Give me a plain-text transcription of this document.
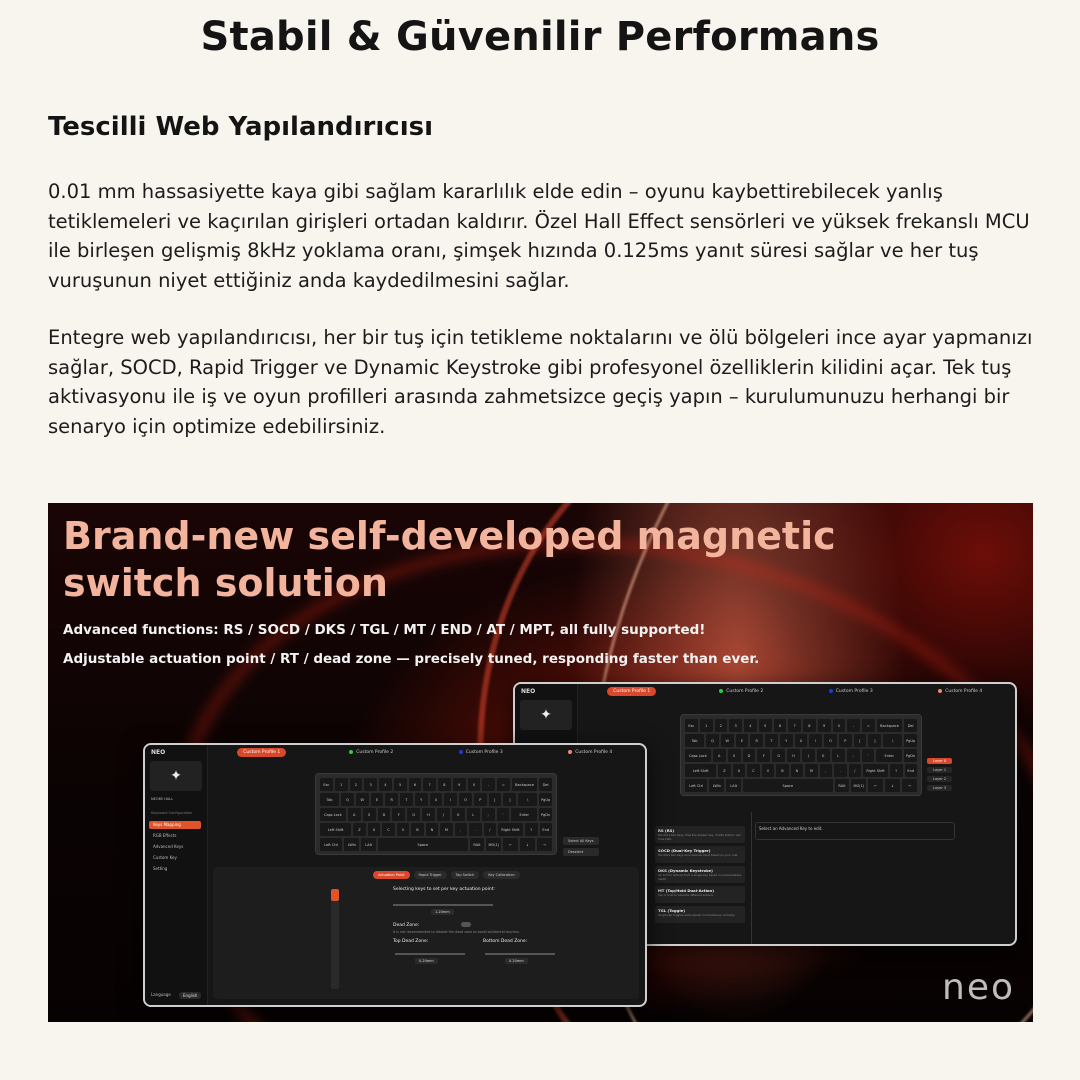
Stabil & Güvenilir Performans
Tescilli Web Yapılandırıcısı

0.01 mm hassasiyette kaya gibi sağlam kararlılık elde edin – oyunu kaybettirebilecek yanlış tetiklemeleri ve kaçırılan girişleri ortadan kaldırır. Özel Hall Effect sensörleri ve yüksek frekanslı MCU ile birleşen gelişmiş 8kHz yoklama oranı, şimşek hızında 0.125ms yanıt süresi sağlar ve her tuş vuruşunun niyet ettiğiniz anda kaydedilmesini sağlar.

Entegre web yapılandırıcısı, her bir tuş için tetikleme noktalarını ve ölü bölgeleri ince ayar yapmanızı sağlar, SOCD, Rapid Trigger ve Dynamic Keystroke gibi profesyonel özelliklerin kilidini açar. Tek tuş aktivasyonu ile iş ve oyun profilleri arasında zahmetsizce geçiş yapın – kurulumunuzu herhangi bir senaryo için optimize edebilirsiniz.

Brand-new self-developed magnetic
switch solution

Advanced functions: RS / SOCD / DKS / TGL / MT / END / AT / MPT, all fully supported!

Adjustable actuation point / RT / dead zone — precisely tuned, responding faster than ever.

NEO
✦
Custom Profile 1	Custom Profile 2	Custom Profile 3	Custom Profile 4
Esc	1	2	3	4	5	6	7	8	9	0	-	=	Backspace	Del
Tab	Q	W	E	R	T	Y	U	I	O	P	[	]	\	PgUp
Caps Lock	A	S	D	F	G	H	J	K	L	;	'	Enter	PgDn
Left Shift	Z	X	C	V	B	N	M	,	.	/	Right Shift	↑	End
Left Ctrl	LWin	LAlt	Space	RAlt	MO(1)	←	↓	→
Layer 0
Layer 1
Layer 2
Layer 3
RS (RS)
Monitors two keys, fires the deeper key, if both bottom out, fires both.
SOCD (Dual-Key Trigger)
Monitors two keys and resolves input based on your rule.
DKS (Dynamic Keystroke)
Up to four actions from a single key based on press/release depth.
MT (Tap/Hold Dual-Action)
Tap or hold to execute different actions.
TGL (Toggle)
Single tap toggles auto-repeat; hold behaves normally.
Select an Advanced Key to edit.
NEO
✦
NEO65 HALL
Keyboard Configuration
Keys Mapping
RGB Effects
Advanced Keys
Custom Key
Setting
Language	English
Custom Profile 1	Custom Profile 2	Custom Profile 3	Custom Profile 4
Esc	1	2	3	4	5	6	7	8	9	0	-	=	Backspace	Del
Tab	Q	W	E	R	T	Y	U	I	O	P	[	]	\	PgUp
Caps Lock	A	S	D	F	G	H	J	K	L	;	'	Enter	PgDn
Left Shift	Z	X	C	V	B	N	M	,	.	/	Right Shift	↑	End
Left Ctrl	LWin	LAlt	Space	RAlt	MO(1)	←	↓	→
Select All Keys
Deselect
Actuation Point	Rapid Trigger	Tap Switch	Key Calibration
Selecting keys to set per key actuation point:
1.20mm
Dead Zone:
It is not recommended to disable the dead zone to avoid accidental touches.
Top Dead Zone:	Bottom Dead Zone:
0.20mm	0.20mm
neo
